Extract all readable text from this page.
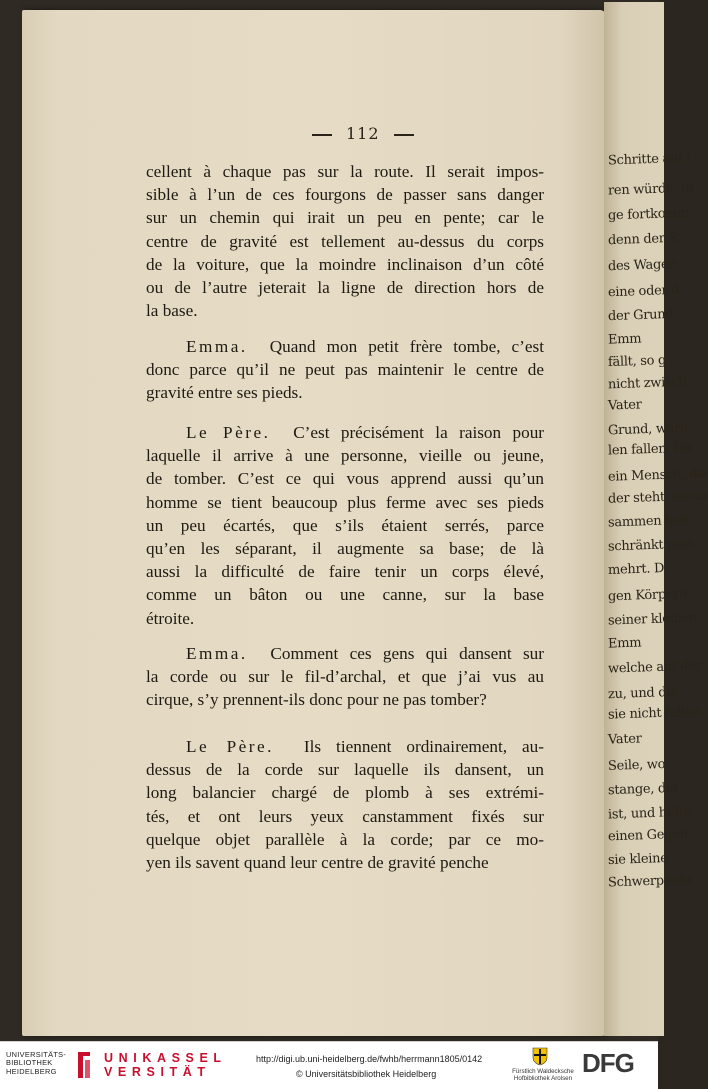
112
cellent à chaque pas sur la route. Il serait impos-
sible à l’un de ces fourgons de passer sans danger
sur un chemin qui irait un peu en pente; car le
centre de gravité est tellement au-dessus du corps
de la voiture, que la moindre inclinaison d’un côté
ou de l’autre jeterait la ligne de direction hors de
la base.
Emma. Quand mon petit frère tombe, c’est
donc parce qu’il ne peut pas maintenir le centre de
gravité entre ses pieds.
Le Père. C’est précisément la raison pour
laquelle il arrive à une personne, vieille ou jeune,
de tomber. C’est ce qui vous apprend aussi qu’un
homme se tient beaucoup plus ferme avec ses pieds
un peu écartés, que s’ils étaient serrés, parce
qu’en les séparant, il augmente sa base; de là
aussi la difficulté de faire tenir un corps élevé,
comme un bâton ou une canne, sur la base
étroite.
Emma. Comment ces gens qui dansent sur
la corde ou sur le fil-d’archal, et que j’ai vus au
cirque, s’y prennent-ils donc pour ne pas tomber?
Le Père. Ils tiennent ordinairement, au-
dessus de la corde sur laquelle ils dansent, un
long balancier chargé de plomb à ses extrémi-
tés, et ont leurs yeux canstamment fixés sur
quelque objet parallèle à la corde; par ce mo-
yen ils savent quand leur centre de gravité penche
Schritte auf !
ren würde. m
ge fortkomm
denn der S
des Wagen
eine oder d
der Grund
Emm
fällt, so g
nicht zwisch
Vater
Grund, waru
len fallen. Da
ein Mensch, die
der steht, wenn
sammen hält.
schränkt man
mehrt. D
gen Körpern
seiner kleinen
Emm
welche auf der
zu, und die
sie nicht fallen
Vater
Seile, wo
stange, die
ist, und hefte
einen Gegen
sie kleine
Schwerpunkt
UNIVERSITÄTS-
BIBLIOTHEK
HEIDELBERG
UNIKASSEL
VERSITÄT
http://digi.ub.uni-heidelberg.de/fwhb/herrmann1805/0142
© Universitätsbibliothek Heidelberg	Fürstlich Waldecksche
Hofbibliothek Arolsen
DFG
